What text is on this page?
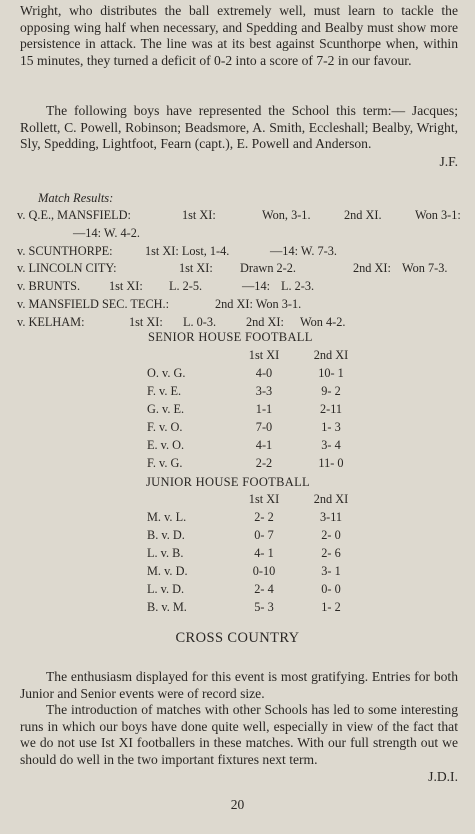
Wright, who distributes the ball extremely well, must learn to tackle the opposing wing half when necessary, and Spedding and Bealby must show more persistence in attack. The line was at its best against Scunthorpe when, within 15 minutes, they turned a deficit of 0-2 into a score of 7-2 in our favour.

The following boys have represented the School this term:— Jacques; Rollett, C. Powell, Robinson; Beadsmore, A. Smith, Eccleshall; Bealby, Wright, Sly, Spedding, Lightfoot, Fearn (capt.), E. Powell and Anderson.
J.F.

Match Results:
v. Q.E., MANSFIELD:	1st XI:	Won, 3-1.	2nd XI.	Won 3-1:
—14: W. 4-2.
v. SCUNTHORPE:	1st XI: Lost, 1-4.	—14: W. 7-3.
v. LINCOLN CITY:	1st XI: Drawn 2-2.	2nd XI: Won 7-3.
v. BRUNTS. 1st XI: L. 2-5.	—14: L. 2-3.
v. MANSFIELD SEC. TECH.:	2nd XI: Won 3-1.
v. KELHAM:	1st XI: L. 0-3. 2nd XI: Won 4-2.
SENIOR HOUSE FOOTBALL
1st XI	2nd XI
O. v. G.	4-0	10- 1
F. v. E.	3-3	9- 2
G. v. E.	1-1	2-11
F. v. O.	7-0	1- 3
E. v. O.	4-1	3- 4
F. v. G.	2-2	11- 0
JUNIOR HOUSE FOOTBALL
1st XI	2nd XI
M. v. L.	2- 2	3-11
B. v. D.	0- 7	2- 0
L. v. B.	4- 1	2- 6
M. v. D.	0-10	3- 1
L. v. D.	2- 4	0- 0
B. v. M.	5- 3	1- 2
CROSS COUNTRY

The enthusiasm displayed for this event is most gratifying. Entries for both Junior and Senior events were of record size.

The introduction of matches with other Schools has led to some interesting runs in which our boys have done quite well, especially in view of the fact that we do not use Ist XI footballers in these matches. With our full strength out we should do well in the two important fixtures next term.
J.D.I.

20
